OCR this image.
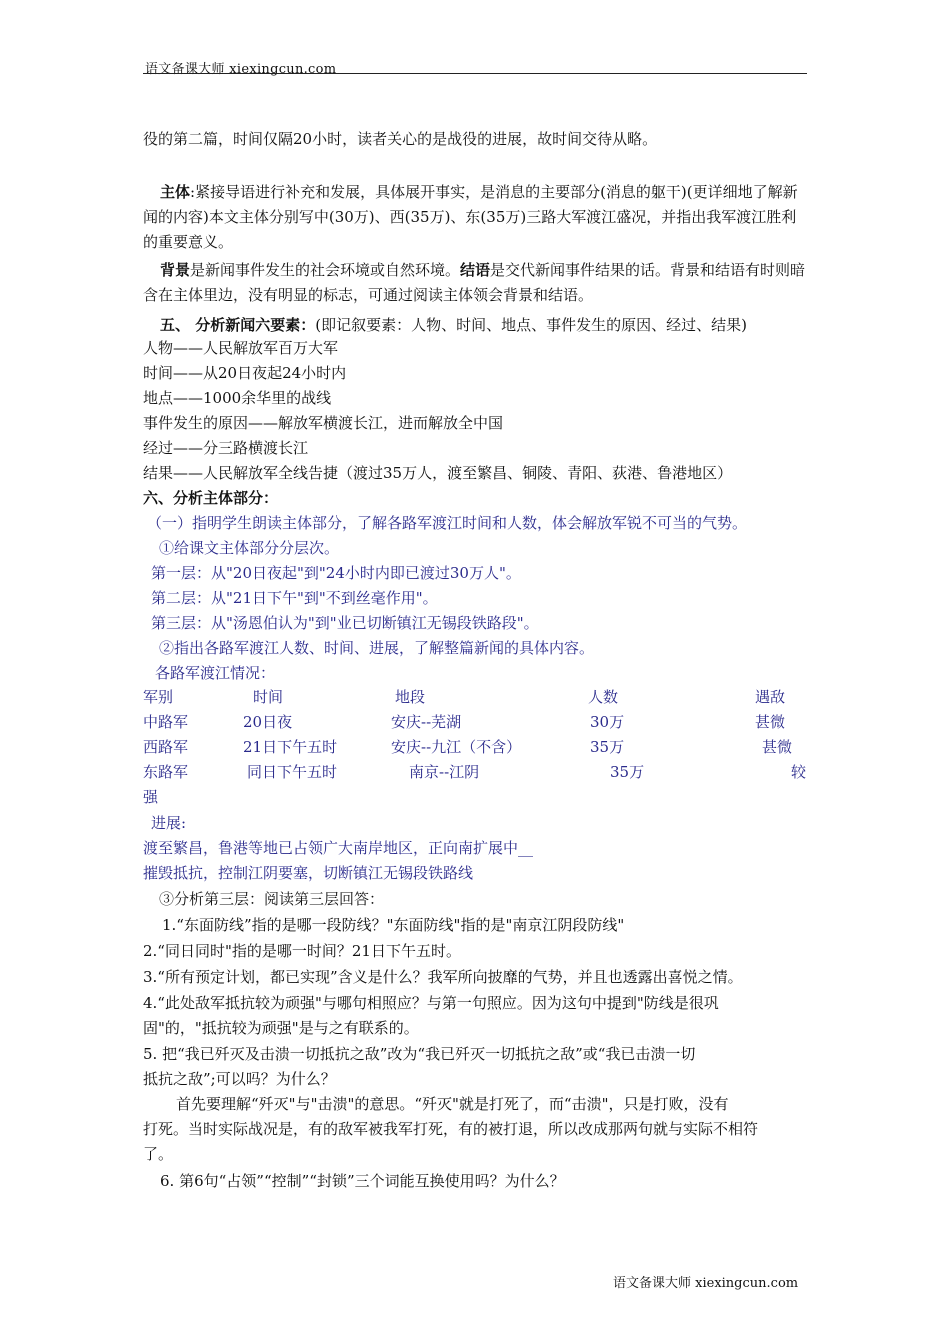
语文备课大师 xiexingcun.com
役的第二篇，时间仅隔20小时，读者关心的是战役的进展，故时间交待从略。
主体:紧接导语进行补充和发展，具体展开事实，是消息的主要部分(消息的躯干)(更详细地了解新闻的内容)本文主体分别写中(30万)、西(35万)、东(35万)三路大军渡江盛况，并指出我军渡江胜利的重要意义。
背景是新闻事件发生的社会环境或自然环境。结语是交代新闻事件结果的话。背景和结语有时则暗含在主体里边，没有明显的标志，可通过阅读主体领会背景和结语。
五、 分析新闻六要素：(即记叙要素：人物、时间、地点、事件发生的原因、经过、结果)
人物——人民解放军百万大军
时间——从20日夜起24小时内
地点——1000余华里的战线
事件发生的原因——解放军横渡长江，进而解放全中国
经过——分三路横渡长江
结果——人民解放军全线告捷（渡过35万人，渡至繁昌、铜陵、青阳、荻港、鲁港地区）
六、分析主体部分：
（一）指明学生朗读主体部分，了解各路军渡江时间和人数，体会解放军锐不可当的气势。
①给课文主体部分分层次。
第一层：从"20日夜起"到"24小时内即已渡过30万人"。
第二层：从"21日下午"到"不到丝毫作用"。
第三层：从"汤恩伯认为"到"业已切断镇江无锡段铁路段"。
②指出各路军渡江人数、时间、进展，了解整篇新闻的具体内容。
各路军渡江情况：
军别	时间	地段	人数	遇敌
中路军	20日夜	安庆--芜湖	30万	甚微
西路军	21日下午五时	安庆--九江（不含）	35万	甚微
东路军	同日下午五时	南京--江阴	35万	较
强
进展:
渡至繁昌，鲁港等地已占领广大南岸地区，正向南扩展中__
摧毁抵抗，控制江阴要塞，切断镇江无锡段铁路线
③分析第三层：阅读第三层回答：
1.“东面防线”指的是哪一段防线？"东面防线"指的是"南京江阴段防线"
2.“同日同时"指的是哪一时间？21日下午五时。
3.“所有预定计划，都已实现”含义是什么？我军所向披靡的气势，并且也透露出喜悦之情。
4.“此处敌军抵抗较为顽强"与哪句相照应？与第一句照应。因为这句中提到"防线是很巩
固"的，"抵抗较为顽强"是与之有联系的。
5. 把“我已歼灭及击溃一切抵抗之敌”改为“我已歼灭一切抵抗之敌”或“我已击溃一切
抵抗之敌”;可以吗？为什么？
首先要理解“歼灭"与"击溃"的意思。“歼灭"就是打死了，而“击溃"，只是打败，没有
打死。当时实际战况是，有的敌军被我军打死，有的被打退，所以改成那两句就与实际不相符
了。
6. 第6句“占领”“控制”“封锁”三个词能互换使用吗？为什么？
语文备课大师 xiexingcun.com
